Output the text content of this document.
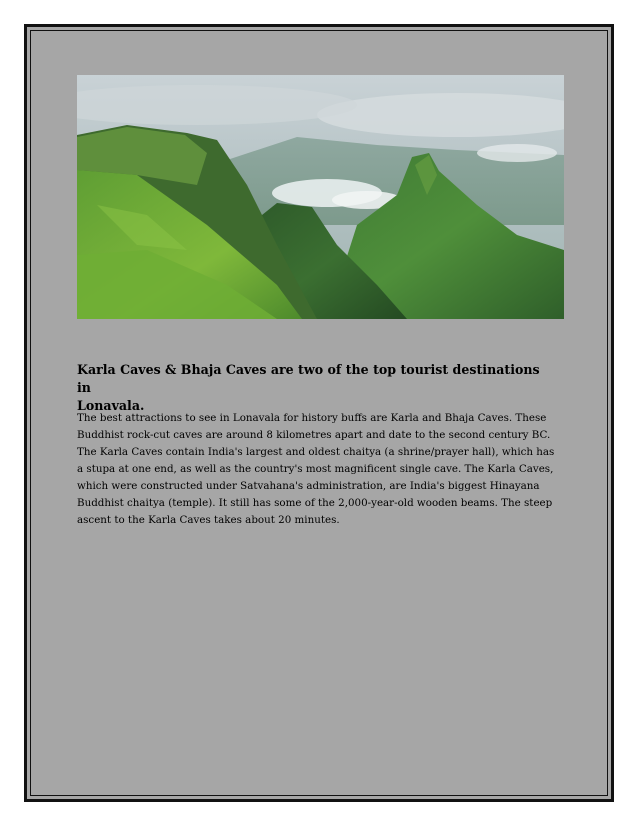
Karla Caves & Bhaja Caves are two of the top tourist destinations in
Lonavala.

The best attractions to see in Lonavala for history buffs are Karla and Bhaja Caves. These
Buddhist rock-cut caves are around 8 kilometres apart and date to the second century BC.
The Karla Caves contain India's largest and oldest chaitya (a shrine/prayer hall), which has
a stupa at one end, as well as the country's most magnificent single cave. The Karla Caves,
which were constructed under Satvahana's administration, are India's biggest Hinayana
Buddhist chaitya (temple). It still has some of the 2,000-year-old wooden beams. The steep
ascent to the Karla Caves takes about 20 minutes.
